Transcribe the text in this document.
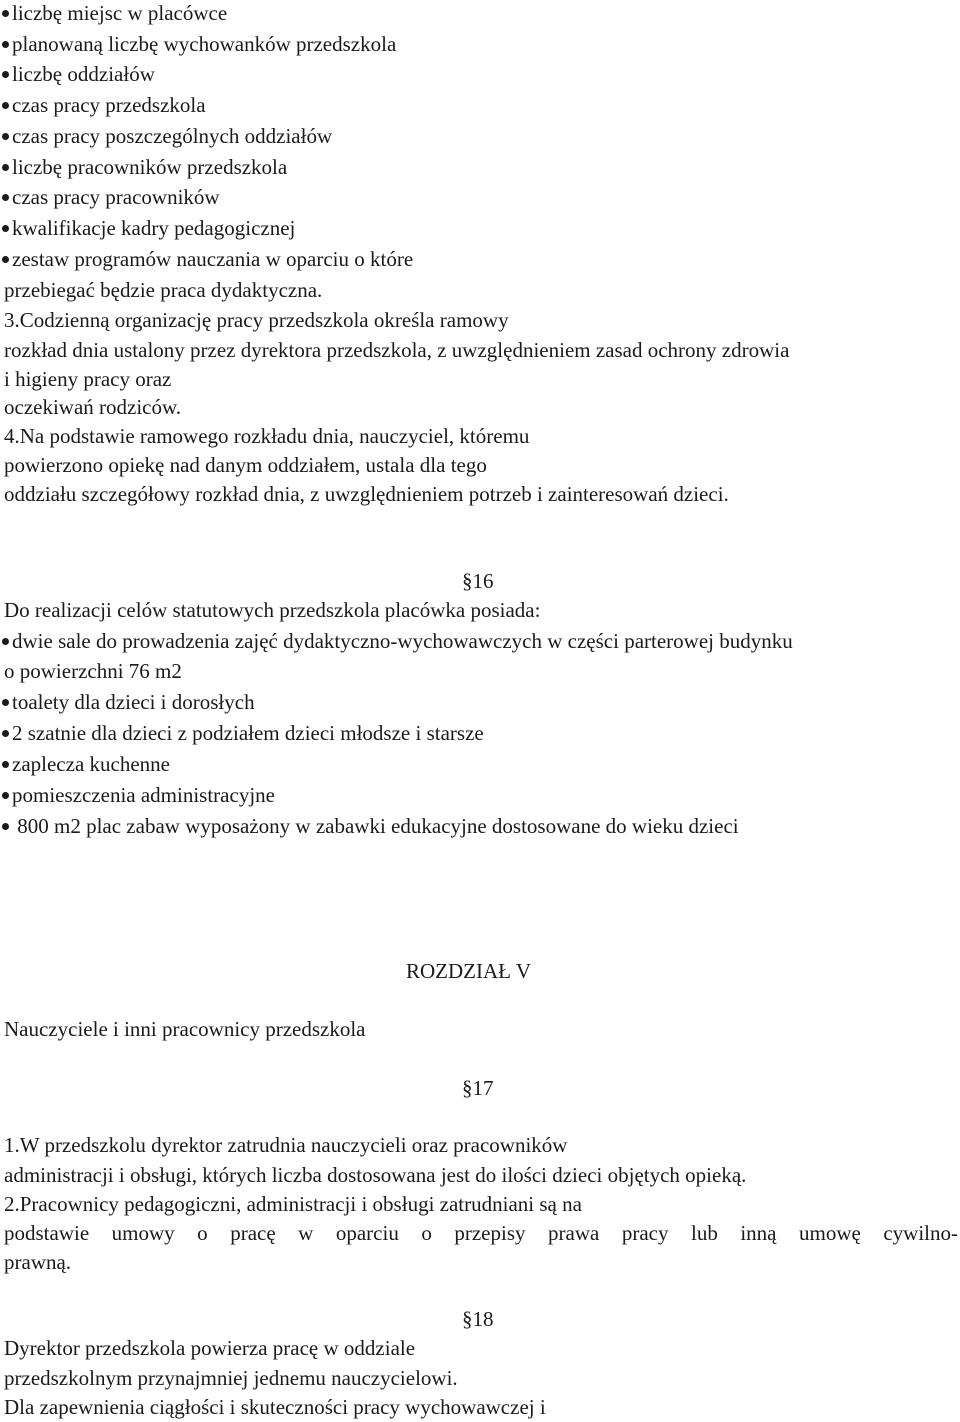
liczbę miejsc w placówce
planowaną liczbę wychowanków przedszkola
liczbę oddziałów
czas pracy przedszkola
czas pracy poszczególnych oddziałów
liczbę pracowników przedszkola
czas pracy pracowników
kwalifikacje kadry pedagogicznej
zestaw programów nauczania w oparciu o które
przebiegać będzie praca dydaktyczna.
3.Codzienną organizację pracy przedszkola określa ramowy
rozkład dnia ustalony przez dyrektora przedszkola, z uwzględnieniem zasad ochrony zdrowia
i higieny pracy oraz
oczekiwań rodziców.
4.Na podstawie ramowego rozkładu dnia, nauczyciel, któremu
powierzono opiekę nad danym oddziałem, ustala dla tego
oddziału szczegółowy rozkład dnia, z uwzględnieniem potrzeb i zainteresowań dzieci.
§16
Do realizacji celów statutowych przedszkola placówka posiada:
dwie sale do prowadzenia zajęć dydaktyczno-wychowawczych w części parterowej budynku
o powierzchni 76 m2
toalety dla dzieci i dorosłych
2 szatnie dla dzieci z podziałem dzieci młodsze i starsze
zaplecza kuchenne
pomieszczenia administracyjne
800 m2 plac zabaw wyposażony w zabawki edukacyjne dostosowane do wieku dzieci
ROZDZIAŁ V
Nauczyciele i inni pracownicy przedszkola
§17
1.W przedszkolu dyrektor zatrudnia nauczycieli oraz pracowników
administracji i obsługi, których liczba dostosowana jest do ilości dzieci objętych opieką.
2.Pracownicy pedagogiczni, administracji i obsługi zatrudniani są na
podstawie umowy o pracę w oparciu o przepisy prawa pracy lub inną umowę cywilno-
prawną.
§18
Dyrektor przedszkola powierza pracę w oddziale
przedszkolnym przynajmniej jednemu nauczycielowi.
Dla zapewnienia ciągłości i skuteczności pracy wychowawczej i
